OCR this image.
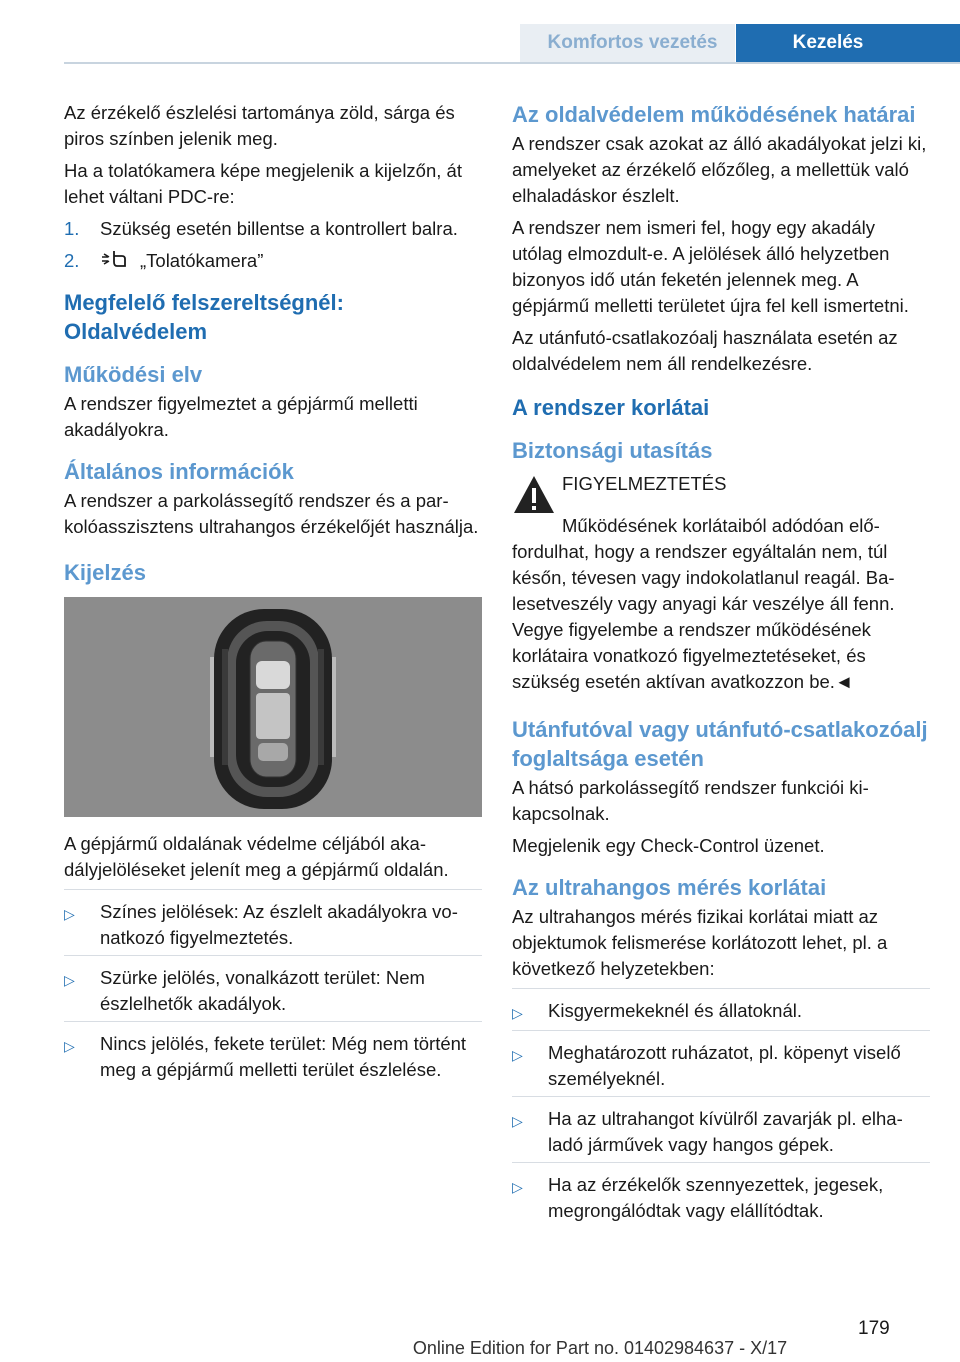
Komfortos vezetés	Kezelés

Az érzékelő észlelési tartománya zöld, sárga és piros színben jelenik meg.

Ha a tolatókamera képe megjelenik a kijelzőn, át lehet váltani PDC-re:

1.	Szükség esetén billentse a kontrollert balra.
2.	„Tolatókamera”
Megfelelő felszereltségnél: Oldalvédelem
Működési elv

A rendszer figyelmeztet a gépjármű melletti akadályokra.

Általános információk

A rendszer a parkolássegítő rendszer és a parkolóasszisztens ultrahangos érzékelőjét használja.

Kijelzés

A gépjármű oldalának védelme céljából akadályjelöléseket jelenít meg a gépjármű oldalán.

▷	Színes jelölések: Az észlelt akadályokra vonatkozó figyelmeztetés.
▷	Szürke jelölés, vonalkázott terület: Nem észlelhetők akadályok.
▷	Nincs jelölés, fekete terület: Még nem történt meg a gépjármű melletti terület észlelése.
Az oldalvédelem működésének határai

A rendszer csak azokat az álló akadályokat jelzi ki, amelyeket az érzékelő előzőleg, a mellettük való elhaladáskor észlelt.

A rendszer nem ismeri fel, hogy egy akadály utólag elmozdult-e. A jelölések álló helyzetben bizonyos idő után feketén jelennek meg. A gépjármű melletti területet újra fel kell ismertetni.

Az utánfutó-csatlakozóalj használata esetén az oldalvédelem nem áll rendelkezésre.

A rendszer korlátai
Biztonsági utasítás

FIGYELMEZTETÉS

Működésének korlátaiból adódóan előfordulhat, hogy a rendszer egyáltalán nem, túl későn, tévesen vagy indokolatlanul reagál. Balesetveszély vagy anyagi kár veszélye áll fenn. Vegye figyelembe a rendszer működésének korlátaira vonatkozó figyelmeztetéseket, és szükség esetén aktívan avatkozzon be.◄

Utánfutóval vagy utánfutó-csatlakozóalj foglaltsága esetén

A hátsó parkolássegítő rendszer funkciói kikapcsolnak.

Megjelenik egy Check-Control üzenet.

Az ultrahangos mérés korlátai

Az ultrahangos mérés fizikai korlátai miatt az objektumok felismerése korlátozott lehet, pl. a következő helyzetekben:

▷	Kisgyermekeknél és állatoknál.
▷	Meghatározott ruházatot, pl. köpenyt viselő személyeknél.
▷	Ha az ultrahangot kívülről zavarják pl. elhaladó járművek vagy hangos gépek.
▷	Ha az érzékelők szennyezettek, jegesek, megrongálódtak vagy elállítódtak.
179
Online Edition for Part no. 01402984637 - X/17
